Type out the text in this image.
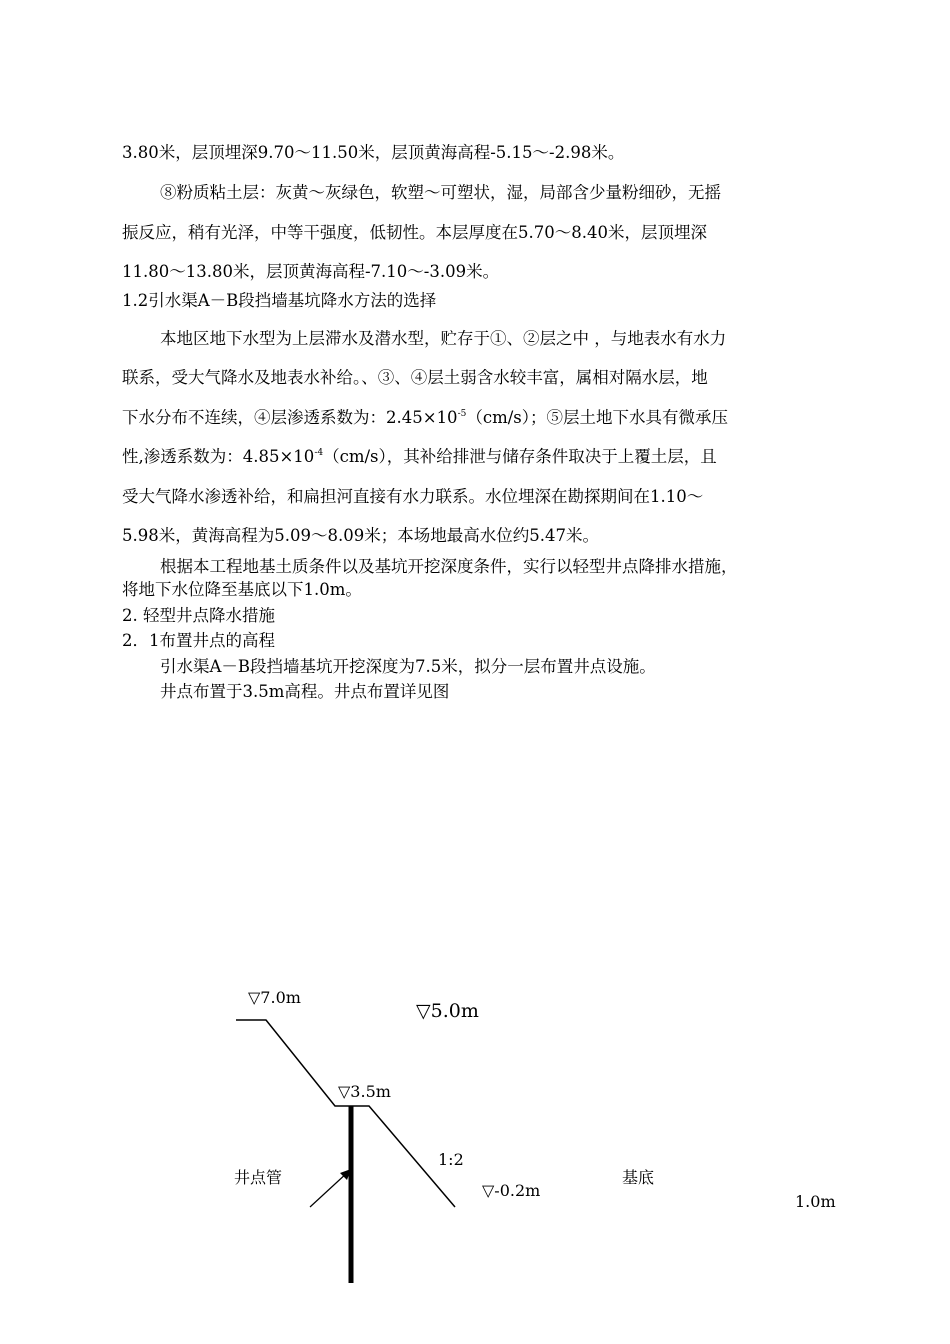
3.80米，层顶埋深9.70～11.50米，层顶黄海高程-5.15～-2.98米。
⑧粉质粘土层：灰黄～灰绿色，软塑～可塑状，湿，局部含少量粉细砂，无摇
振反应，稍有光泽，中等干强度，低韧性。本层厚度在5.70～8.40米，层顶埋深
11.80～13.80米，层顶黄海高程-7.10～-3.09米。
1.2引水渠A－B段挡墙基坑降水方法的选择
本地区地下水型为上层滞水及潜水型，贮存于①、②层之中 ，与地表水有水力
联系，受大气降水及地表水补给。、③、④层土弱含水较丰富，属相对隔水层，地
下水分布不连续，④层渗透系数为：$2.45\times 10^{-5}(cm/s)$；⑤层土地下水具有微承压
性,渗透系数为：$4.85\times 10^{-4}(cm/s)$，其补给排泄与储存条件取决于上覆土层，且
受大气降水渗透补给，和扁担河直接有水力联系。水位埋深在勘探期间在1.10～
5.98米，黄海高程为5.09～8.09米；本场地最高水位约5.47米。
根据本工程地基土质条件以及基坑开挖深度条件，实行以轻型井点降排水措施，
将地下水位降至基底以下1.0m。
2. 轻型井点降水措施
2．1布置井点的高程
引水渠A－B段挡墙基坑开挖深度为7.5米，拟分一层布置井点设施。
井点布置于3.5m高程。井点布置详见图
▽7.0m
▽5.0m
▽3.5m
井点管
1:2
▽-0.2m
基底
1.0m
